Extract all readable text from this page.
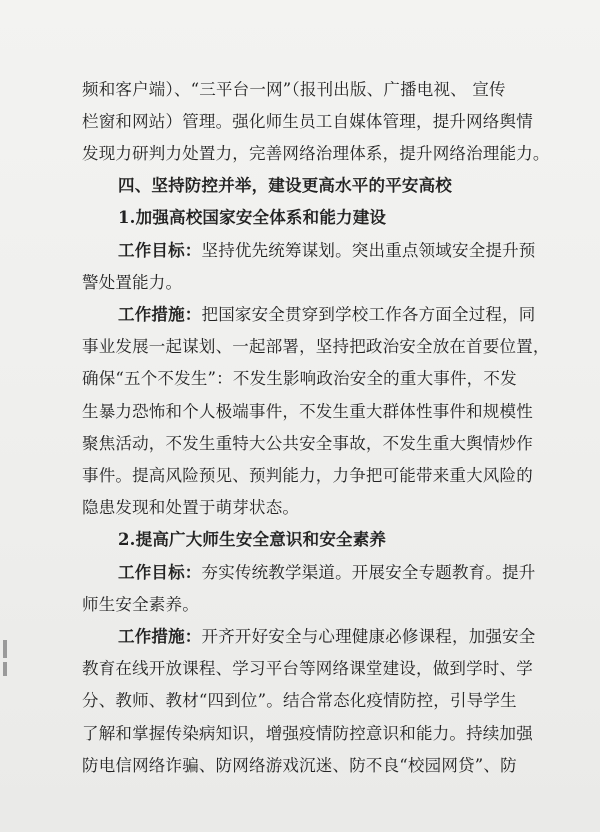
频和客户端）、“三平台一网”（报刊出版、广播电视、 宣传
栏窗和网站）管理。强化师生员工自媒体管理，提升网络舆情
发现力研判力处置力，完善网络治理体系，提升网络治理能力。
四、坚持防控并举，建设更高水平的平安高校
1.加强高校国家安全体系和能力建设
工作目标：坚持优先统筹谋划。突出重点领域安全提升预
警处置能力。
工作措施：把国家安全贯穿到学校工作各方面全过程，同
事业发展一起谋划、一起部署，坚持把政治安全放在首要位置，
确保“五个不发生”：不发生影响政治安全的重大事件，不发
生暴力恐怖和个人极端事件，不发生重大群体性事件和规模性
聚焦活动，不发生重特大公共安全事故，不发生重大舆情炒作
事件。提高风险预见、预判能力，力争把可能带来重大风险的
隐患发现和处置于萌芽状态。
2.提高广大师生安全意识和安全素养
工作目标：夯实传统教学渠道。开展安全专题教育。提升
师生安全素养。
工作措施：开齐开好安全与心理健康必修课程，加强安全
教育在线开放课程、学习平台等网络课堂建设，做到学时、学
分、教师、教材“四到位”。结合常态化疫情防控，引导学生
了解和掌握传染病知识，增强疫情防控意识和能力。持续加强
防电信网络诈骗、防网络游戏沉迷、防不良“校园网贷”、防
